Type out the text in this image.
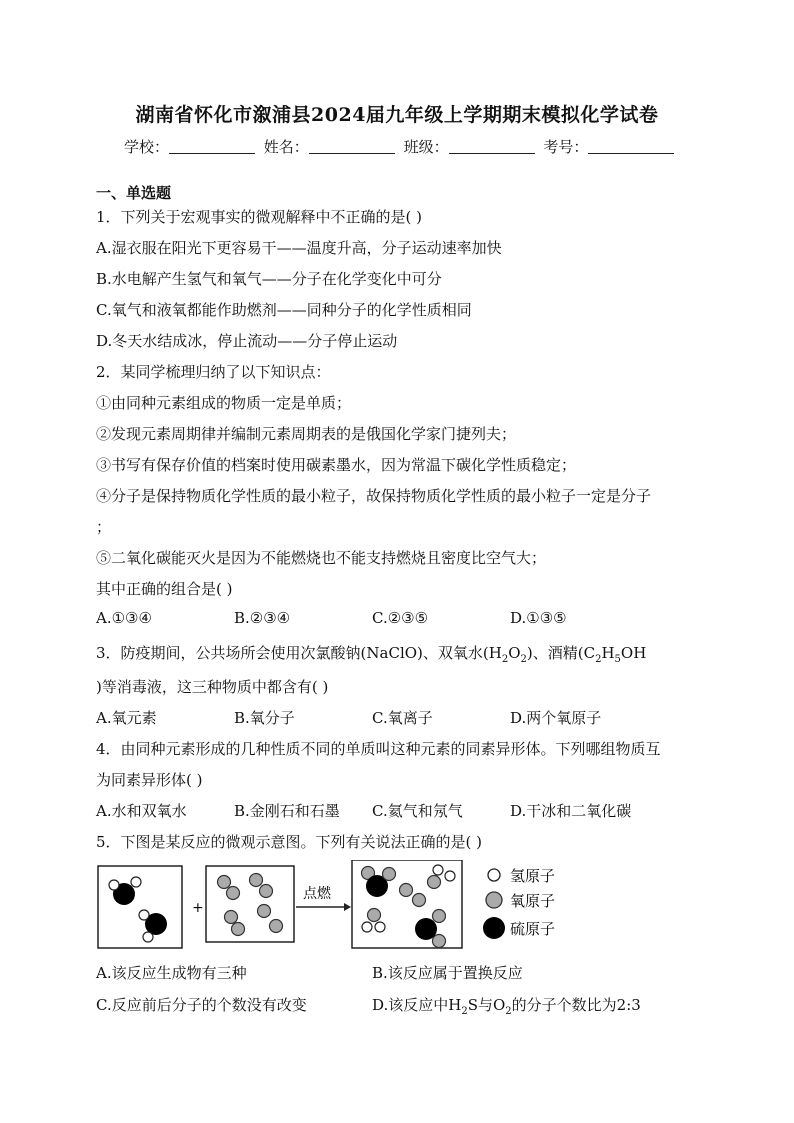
湖南省怀化市溆浦县2024届九年级上学期期末模拟化学试卷
学校：	姓名：	班级：	考号：
一、单选题
1．下列关于宏观事实的微观解释中不正确的是( )
A.湿衣服在阳光下更容易干——温度升高，分子运动速率加快
B.水电解产生氢气和氧气——分子在化学变化中可分
C.氧气和液氧都能作助燃剂——同种分子的化学性质相同
D.冬天水结成冰，停止流动——分子停止运动
2．某同学梳理归纳了以下知识点：
①由同种元素组成的物质一定是单质；
②发现元素周期律并编制元素周期表的是俄国化学家门捷列夫；
③书写有保存价值的档案时使用碳素墨水，因为常温下碳化学性质稳定；
④分子是保持物质化学性质的最小粒子，故保持物质化学性质的最小粒子一定是分子
；
⑤二氧化碳能灭火是因为不能燃烧也不能支持燃烧且密度比空气大；
其中正确的组合是( )
A.①③④	B.②③④	C.②③⑤	D.①③⑤
3．防疫期间，公共场所会使用次氯酸钠(NaClO)、双氧水$(H_2O_2)$、酒精($C_2H_5OH$
)等消毒液，这三种物质中都含有( )
A.氧元素	B.氧分子	C.氧离子	D.两个氧原子
4．由同种元素形成的几种性质不同的单质叫这种元素的同素异形体。下列哪组物质互
为同素异形体( )
A.水和双氧水	B.金刚石和石墨 C.氦气和氖气	D.干冰和二氧化碳
5．下图是某反应的微观示意图。下列有关说法正确的是( )
+
点燃
氢原子
氧原子
硫原子
A.该反应生成物有三种	B.该反应属于置换反应
C.反应前后分子的个数没有改变	D.该反应中$H_2S$与$O_2$的分子个数比为2:3
